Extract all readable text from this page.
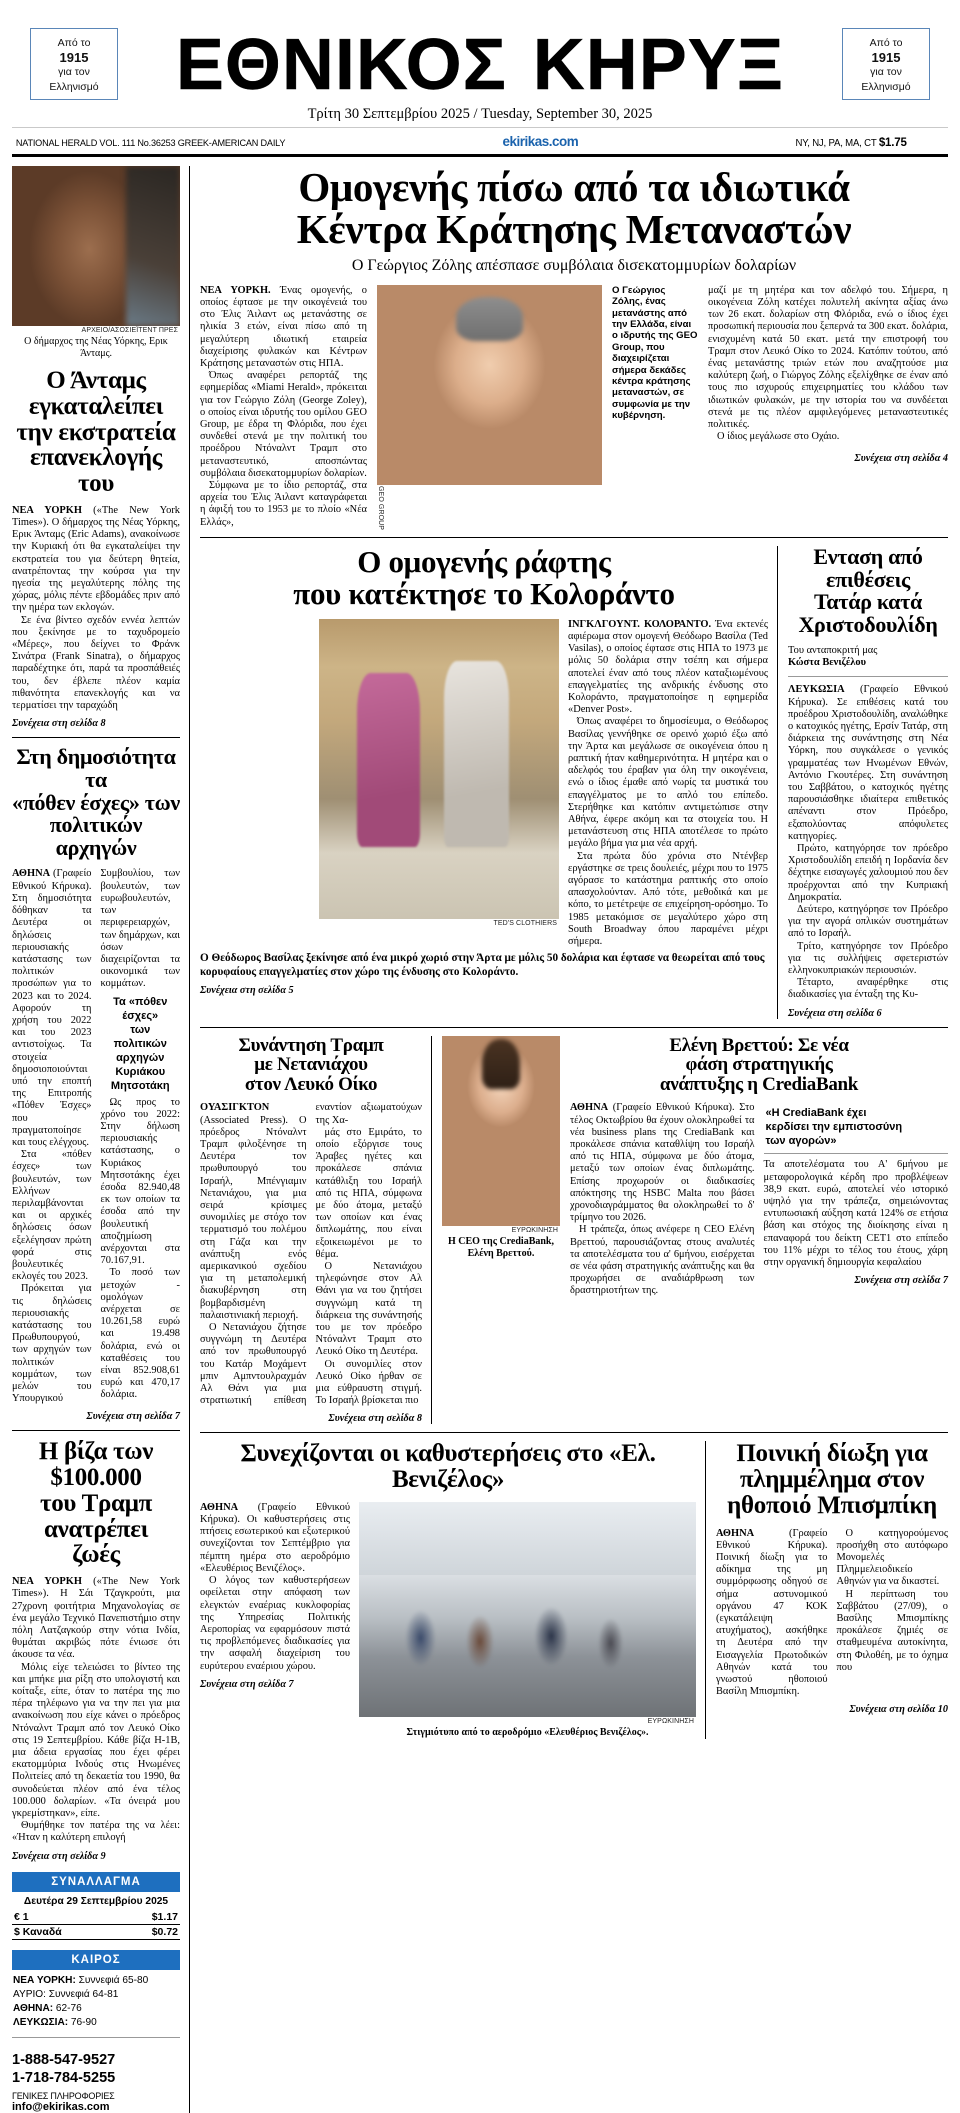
Από το
1915
για τον
Ελληνισμό
Από το
1915
για τον
Ελληνισμό
ΕΘΝΙΚΟΣ ΚΗΡΥΞ
Τρίτη 30 Σεπτεμβρίου 2025 / Tuesday, September 30, 2025
NATIONAL HERALD VOL. 111 No.36253 GREEK-AMERICAN DAILY	ekirikas.com	NY, NJ, PA, MA, CT $1.75
ΑΡΧΕΙΟ/ΑΣΟΣΙΕΪΤΕΝΤ ΠΡΕΣ
Ο δήμαρχος της Νέας Υόρκης, Ερικ Άνταμς.
Ο Άνταμς εγκαταλείπει
την εκστρατεία
επανεκλογής του

ΝΕΑ ΥΟΡΚΗ («The New York Times»). Ο δήμαρχος της Νέας Υόρκης, Ερικ Άνταμς (Eric Adams), ανακοίνωσε την Κυριακή ότι θα εγκαταλείψει την εκστρατεία του για δεύτερη θητεία, ανατρέποντας την κούρσα για την ηγεσία της μεγαλύτερης πόλης της χώρας, μόλις πέντε εβδομάδες πριν από την ημέρα των εκλογών.

Σε ένα βίντεο σχεδόν εννέα λεπτών που ξεκίνησε με το ταχυδρομείο «Μέρες», που δείχνει το Φράνκ Σινάτρα (Frank Sinatra), ο δήμαρχος παραδέχτηκε ότι, παρά τα προσπάθειές του, δεν έβλεπε πλέον καμία πιθανότητα επανεκλογής και να τερματίσει την ταραχώδη

Συνέχεια στη σελίδα 8
Στη δημοσιότητα τα
«πόθεν έσχες» των
πολιτικών αρχηγών

ΑΘΗΝΑ (Γραφείο Εθνικού Κήρυκα). Στη δημοσιότητα δόθηκαν τα Δευτέρα οι δηλώσεις περιουσιακής κατάστασης των πολιτικών προσώπων για το 2023 και το 2024. Αφορούν τη χρήση του 2022 και του 2023 αντιστοίχως. Τα στοιχεία δημοσιοποιούνται υπό την εποπτή της Επιτροπής «Πόθεν Έσχες» που πραγματοποίησε και τους ελέγχους.

Στα «πόθεν έσχες» των βουλευτών, των Ελλήνων περιλαμβάνονται και οι αρχικές δηλώσεις όσων εξελέγησαν πρώτη φορά στις βουλευτικές εκλογές του 2023.

Πρόκειται για τις δηλώσεις περιουσιακής κατάστασης του Πρωθυπουργού, των αρχηγών των πολιτικών κομμάτων, των μελών του Υπουργικού Συμβουλίου, των βουλευτών, των ευρωβουλευτών, των περιφερειαρχών, των δημάρχων, και όσων διαχειρίζονται τα οικονομικά των κομμάτων.

Τα «πόθεν έσχες»
των πολιτικών αρχηγών
Κυριάκου Μητσοτάκη

Ως προς το χρόνο του 2022: Στην δήλωση περιουσιακής κατάστασης, ο Κυριάκος Μητσοτάκης έχει έσοδα 82.940,48 εκ των οποίων τα έσοδα από την βουλευτική αποζημίωση ανέρχονται στα 70.167,91.

Το ποσό των μετοχών - ομολόγων ανέρχεται σε 10.261,58 ευρώ και 19.498 δολάρια, ενώ οι καταθέσεις του είναι 852.908,61 ευρώ και 470,17 δολάρια.

Συνέχεια στη σελίδα 7
Η βίζα των
$100.000
του Τραμπ
ανατρέπει
ζωές

ΝΕΑ ΥΟΡΚΗ («The New York Times»). Η Σάι Τζαγκρούτι, μια 27χρονη φοιτήτρια Μηχανολογίας σε ένα μεγάλο Τεχνικό Πανεπιστήμιο στην πόλη Λατζαγκούρ στην νότια Ινδία, θυμάται ακριβώς πότε ένιωσε ότι άκουσε τα νέα.

Μόλις είχε τελειώσει το βίντεο της και μπήκε μια ρίξη στο υπολογιστή και κοίταξε, είπε, όταν το πατέρα της πιο πέρα τηλέφωνο για να την πει για μια ανακοίνωση που είχε κάνει ο πρόεδρος Ντόναλντ Τραμπ από τον Λευκό Οίκο στις 19 Σεπτεμβρίου. Κάθε βίζα Η-1Β, μια άδεια εργασίας που έχει φέρει εκατομμύρια Ινδούς στις Ηνωμένες Πολιτείες από τη δεκαετία του 1990, θα συνοδεύεται πλέον από ένα τέλος 100.000 δολαρίων. «Τα όνειρά μου γκρεμίστηκαν», είπε.

Θυμήθηκε τον πατέρα της να λέει: «Ήταν η καλύτερη επιλογή

Συνέχεια στη σελίδα 9
ΣΥΝΑΛΛΑΓΜΑ
Δευτέρα 29 Σεπτεμβρίου 2025
€ 1	$1.17
$ Καναδά	$0.72
ΚΑΙΡΟΣ
ΝΕΑ ΥΟΡΚΗ: Συννεφιά 65-80
ΑΥΡΙΟ: Συννεφιά 64-81
ΑΘΗΝΑ: 62-76
ΛΕΥΚΩΣΙΑ: 76-90
1-888-547-9527
1-718-784-5255
ΓΕΝΙΚΕΣ ΠΛΗΡΟΦΟΡΙΕΣ
info@ekirikas.com
Ομογενής πίσω από τα ιδιωτικά
Κέντρα Κράτησης Μεταναστών
Ο Γεώργιος Ζόλης απέσπασε συμβόλαια δισεκατομμυρίων δολαρίων

ΝΕΑ ΥΟΡΚΗ. Ένας ομογενής, ο οποίος έφτασε με την οικογένειά του στο Έλις Άιλαντ ως μετανάστης σε ηλικία 3 ετών, είναι πίσω από τη μεγαλύτερη ιδιωτική εταιρεία διαχείρισης φυλακών και Κέντρων Κράτησης μεταναστών στις ΗΠΑ.

Όπως αναφέρει ρεπορτάζ της εφημερίδας «Miami Herald», πρόκειται για τον Γεώργιο Ζόλη (George Zoley), ο οποίος είναι ιδρυτής του ομίλου GEO Group, με έδρα τη Φλόριδα, που έχει συνδεθεί στενά με την πολιτική του προέδρου Ντόναλντ Τραμπ στο μεταναστευτικό, αποσπώντας συμβόλαια δισεκατομμυρίων δολαρίων.

Σύμφωνα με το ίδιο ρεπορτάζ, στα αρχεία του Έλις Άιλαντ καταγράφεται η άφιξή του το 1953 με το πλοίο «Νέα Ελλάς»,	GEO GROUP
Ο Γεώργιος Ζόλης, ένας μετανάστης από την Ελλάδα, είναι ο ιδρυτής της GEO Group, που διαχειρίζεται σήμερα δεκάδες κέντρα κράτησης μεταναστών, σε συμφωνία με την κυβέρνηση.

μαζί με τη μητέρα και τον αδελφό του. Σήμερα, η οικογένεια Ζόλη κατέχει πολυτελή ακίνητα αξίας άνω των 26 εκατ. δολαρίων στη Φλόριδα, ενώ ο ίδιος έχει προσωπική περιουσία που ξεπερνά τα 300 εκατ. δολάρια, ενισχυμένη κατά 50 εκατ. μετά την επιστροφή του Τραμπ στον Λευκό Οίκο το 2024. Κατόπιν τούτου, από ένας μετανάστης τριών ετών που αναζητούσε μια καλύτερη ζωή, ο Γιώργος Ζόλης εξελίχθηκε σε έναν από τους πιο ισχυρούς επιχειρηματίες του κλάδου των ιδιωτικών φυλακών, με την ιστορία του να συνδέεται στενά με τις πλέον αμφιλεγόμενες μεταναστευτικές πολιτικές.

Ο ίδιος μεγάλωσε στο Οχάιο.

Συνέχεια στη σελίδα 4
Ο ομογενής ράφτης
που κατέκτησε το Κολοράντο
TED'S CLOTHIERS

ΙΝΓΚΛΓΟΥΝΤ. ΚΟΛΟΡΑΝΤΟ. Ένα εκτενές αφιέρωμα στον ομογενή Θεόδωρο Βασίλα (Ted Vasilas), ο οποίος έφτασε στις ΗΠΑ το 1973 με μόλις 50 δολάρια στην τσέπη και σήμερα αποτελεί έναν από τους πλέον καταξιωμένους επαγγελματίες της ανδρικής ένδυσης στο Κολοράντο, πραγματοποίησε η εφημερίδα «Denver Post».

Όπως αναφέρει το δημοσίευμα, ο Θεόδωρος Βασίλας γεννήθηκε σε ορεινό χωριό έξω από την Άρτα και μεγάλωσε σε οικογένεια όπου η ραπτική ήταν καθημερινότητα. Η μητέρα και ο αδελφός του έραβαν για όλη την οικογένεια, ενώ ο ίδιος έμαθε από νωρίς τα μυστικά του επαγγέλματος με το απλό του επίπεδο. Στερήθηκε και κατόπιν αντιμετώπισε στην Αθήνα, έφερε ακόμη και τα στοιχεία του. Η μετανάστευση στις ΗΠΑ αποτέλεσε το πρώτο μεγάλο βήμα για μια νέα αρχή.

Στα πρώτα δύο χρόνια στο Ντένβερ εργάστηκε σε τρεις δουλειές, μέχρι που το 1975 αγόρασε το κατάστημα ραπτικής στο οποίο απασχολούνταν. Από τότε, μεθοδικά και με κόπο, το μετέτρεψε σε επιχείρηση-ορόσημο. Το 1985 μετακόμισε σε μεγαλύτερο χώρο στη South Broadway όπου παραμένει μέχρι σήμερα.

Ο Θεόδωρος Βασίλας ξεκίνησε από ένα μικρό χωριό στην Άρτα με μόλις 50 δολάρια και έφτασε να θεωρείται από τους κορυφαίους επαγγελματίες στον χώρο της ένδυσης στο Κολοράντο.
Συνέχεια στη σελίδα 5
Ενταση από
επιθέσεις
Τατάρ κατά
Χριστοδουλίδη
Του ανταποκριτή μας
Κώστα Βενιζέλου

ΛΕΥΚΩΣΙΑ (Γραφείο Εθνικού Κήρυκα). Σε επιθέσεις κατά του προέδρου Χριστοδουλίδη, αναλώθηκε ο κατοχικός ηγέτης, Ερσίν Τατάρ, στη διάρκεια της συνάντησης στη Νέα Υόρκη, που συγκάλεσε ο γενικός γραμματέας των Ηνωμένων Εθνών, Αντόνιο Γκουτέρες. Στη συνάντηση του Σαββάτου, ο κατοχικός ηγέτης παρουσιάσθηκε ιδιαίτερα επιθετικός απέναντι στον Πρόεδρο, εξαπολύοντας απόφυλετες κατηγορίες.

Πρώτο, κατηγόρησε τον πρόεδρο Χριστοδουλίδη επειδή η Ιορδανία δεν δέχτηκε εισαγωγές χαλουμιού που δεν προέρχονται από την Κυπριακή Δημοκρατία.

Δεύτερο, κατηγόρησε τον Πρόεδρο για την αγορά οπλικών συστημάτων από το Ισραήλ.

Τρίτο, κατηγόρησε τον Πρόεδρο για τις συλλήψεις σφετεριστών ελληνοκυπριακών περιουσιών.

Τέταρτο, αναφέρθηκε στις διαδικασίες για ένταξη της Κυ-

Συνέχεια στη σελίδα 6
Συνάντηση Τραμπ
με Νετανιάχου
στον Λευκό Οίκο

ΟΥΑΣΙΓΚΤΟΝ (Associated Press). Ο πρόεδρος Ντόναλντ Τραμπ φιλοξένησε τη Δευτέρα τον πρωθυπουργό του Ισραήλ, Μπένγιαμιν Νετανιάχου, για μια σειρά κρίσιμες συνομιλίες με στόχο τον τερματισμό του πολέμου στη Γάζα και την ανάπτυξη ενός αμερικανικού σχεδίου για τη μεταπολεμική διακυβέρνηση στη βομβαρδισμένη παλαιστινιακή περιοχή.

Ο Νετανιάχου ζήτησε συγγνώμη τη Δευτέρα από τον πρωθυπουργό του Κατάρ Μοχάμεντ μπιν Αμπντουλραχμάν Αλ Θάνι για μια στρατιωτική επίθεση εναντίον αξιωματούχων της Χα-

μάς στο Εμιράτο, το οποίο εξόργισε τους Άραβες ηγέτες και προκάλεσε σπάνια κατάθλιξη του Ισραήλ από τις ΗΠΑ, σύμφωνα με δύο άτομα, μεταξύ των οποίων και ένας διπλωμάτης, που είναι εξοικειωμένοι με το θέμα.

Ο Νετανιάχου τηλεφώνησε στον Αλ Θάνι για να του ζητήσει συγγνώμη κατά τη διάρκεια της συνάντησής του με τον πρόεδρο Ντόναλντ Τραμπ στο Λευκό Οίκο τη Δευτέρα.

Οι συνομιλίες στον Λευκό Οίκο ήρθαν σε μια εύθραυστη στιγμή. Το Ισραήλ βρίσκεται πιο

Συνέχεια στη σελίδα 8
ΕΥΡΩΚΙΝΗΣΗ
Η CEO της CrediaBank,
Ελένη Βρεττού.
Ελένη Βρεττού: Σε νέα
φάση στρατηγικής
ανάπτυξης η CrediaBank

ΑΘΗΝΑ (Γραφείο Εθνικού Κήρυκα). Στο τέλος Οκτωβρίου θα έχουν ολοκληρωθεί τα νέα business plans της CrediaBank και προκάλεσε σπάνια καταθλίψη του Ισραήλ από τις ΗΠΑ, σύμφωνα με δύο άτομα, μεταξύ των οποίων ένας διπλωμάτης. Επίσης προχωρούν οι διαδικασίες απόκτησης της HSBC Malta που βάσει χρονοδιαγράμματος θα ολοκληρωθεί το δ' τρίμηνο του 2026.

Η τράπεζα, όπως ανέφερε η CEO Ελένη Βρεττού, παρουσιάζοντας στους αναλυτές τα αποτελέσματα του α' 6μήνου, εισέρχεται σε νέα φάση στρατηγικής ανάπτυξης και θα προχωρήσει σε αναδιάρθρωση των δραστηριοτήτων της.

«Η CrediaBank έχει
κερδίσει την εμπιστοσύνη
των αγορών»

Τα αποτελέσματα του Α' 6μήνου με μεταφορολογικά κέρδη προ προβλέψεων 38,9 εκατ. ευρώ, αποτελεί νέο ιστορικό υψηλό για την τράπεζα, σημειώνοντας εντυπωσιακή αύξηση κατά 124% σε ετήσια βάση και στόχος της διοίκησης είναι η επαναφορά του δείκτη CET1 στο επίπεδο του 11% μέχρι το τέλος του έτους, χάρη στην οργανική δημιουργία κεφαλαίου

Συνέχεια στη σελίδα 7
Συνεχίζονται οι καθυστερήσεις στο «Ελ. Βενιζέλος»

ΑΘΗΝΑ (Γραφείο Εθνικού Κήρυκα). Οι καθυστερήσεις στις πτήσεις εσωτερικού και εξωτερικού συνεχίζονται τον Σεπτέμβριο για πέμπτη ημέρα στο αεροδρόμιο «Ελευθέριος Βενιζέλος».

Ο λόγος των καθυστερήσεων οφείλεται στην απόφαση των ελεγκτών εναέριας κυκλοφορίας της Υπηρεσίας Πολιτικής Αεροπορίας να εφαρμόσουν πιστά τις προβλεπόμενες διαδικασίες για την ασφαλή διαχείριση του ευρύτερου εναέριου χώρου.

Συνέχεια στη σελίδα 7
ΕΥΡΩΚΙΝΗΣΗ
Στιγμιότυπο από το αεροδρόμιο «Ελευθέριος Βενιζέλος».
Ποινική δίωξη για
πλημμέλημα στον
ηθοποιό Μπισμπίκη

ΑΘΗΝΑ (Γραφείο Εθνικού Κήρυκα). Ποινική δίωξη για το αδίκημα της μη συμμόρφωσης οδηγού σε σήμα αστυνομικού οργάνου 47 ΚΟΚ (εγκατάλειψη ατυχήματος), ασκήθηκε τη Δευτέρα από την Εισαγγελία Πρωτοδικών Αθηνών κατά του γνωστού ηθοποιού Βασίλη Μπισμπίκη.

Ο κατηγορούμενος προσήχθη στο αυτόφωρο Μονομελές Πλημμελειοδικείο Αθηνών για να δικαστεί.

Η περίπτωση του Σαββάτου (27/09), ο Βασίλης Μπισμπίκης προκάλεσε ζημιές σε σταθμευμένα αυτοκίνητα, στη Φιλοθέη, με το όχημα που

Συνέχεια στη σελίδα 10
